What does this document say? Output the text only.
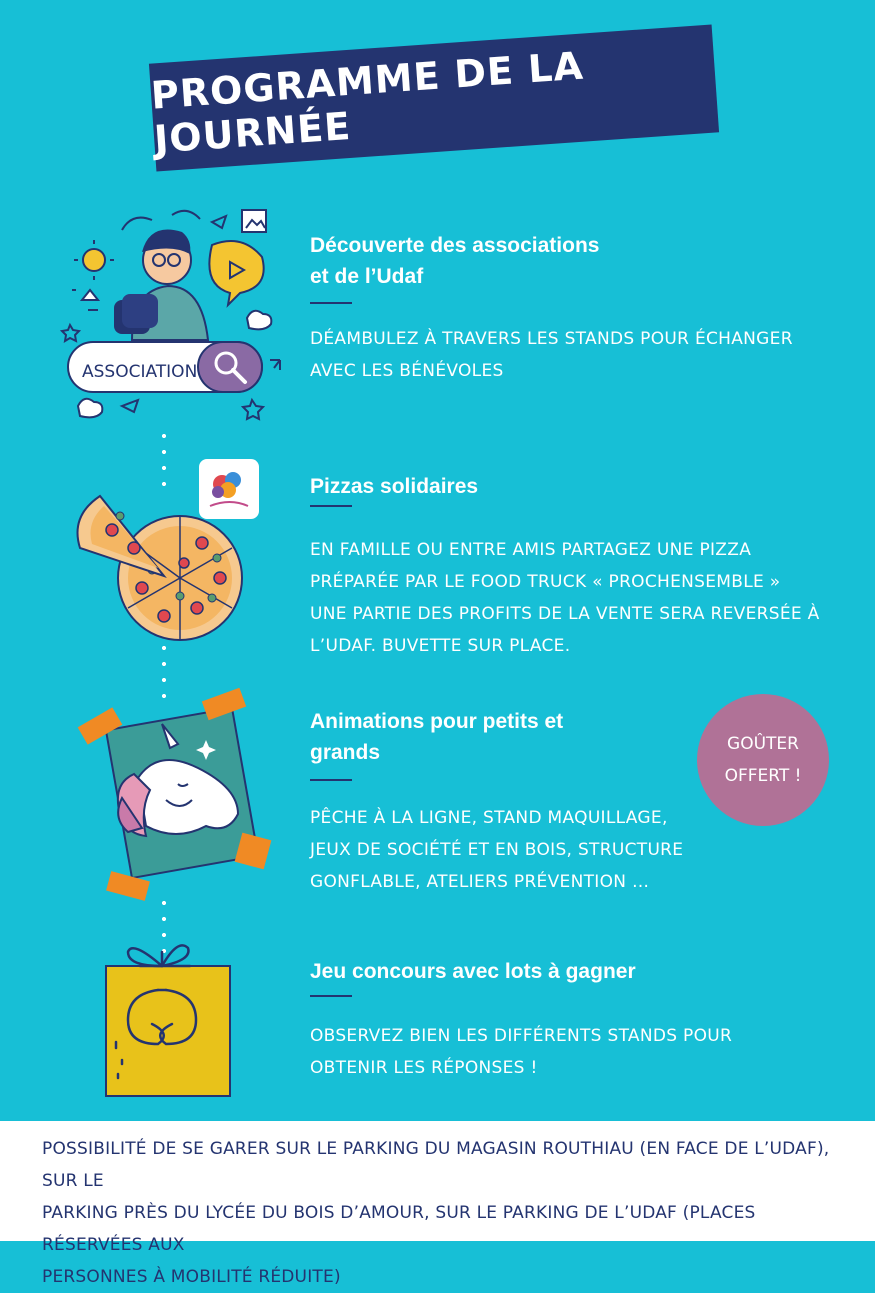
PROGRAMME DE LA JOURNÉE
ASSOCIATION
Découverte des associations
et de l’Udaf
DÉAMBULEZ À TRAVERS LES STANDS POUR ÉCHANGER
AVEC LES BÉNÉVOLES
Pizzas solidaires
EN FAMILLE OU ENTRE AMIS PARTAGEZ UNE PIZZA
PRÉPARÉE PAR LE FOOD TRUCK « PROCHENSEMBLE »
UNE PARTIE DES PROFITS DE LA VENTE SERA REVERSÉE À
L’UDAF. BUVETTE SUR PLACE.
Animations pour petits et
grands
PÊCHE À LA LIGNE, STAND MAQUILLAGE,
JEUX DE SOCIÉTÉ ET EN BOIS, STRUCTURE
GONFLABLE, ATELIERS PRÉVENTION …
GOÛTER
OFFERT !
Jeu concours avec lots à gagner
OBSERVEZ BIEN LES DIFFÉRENTS STANDS POUR
OBTENIR LES RÉPONSES !

POSSIBILITÉ DE SE GARER SUR LE PARKING DU MAGASIN ROUTHIAU (EN FACE DE L’UDAF), SUR LE
PARKING PRÈS DU LYCÉE DU BOIS D’AMOUR, SUR LE PARKING DE L’UDAF (PLACES RÉSERVÉES AUX
PERSONNES À MOBILITÉ RÉDUITE)
